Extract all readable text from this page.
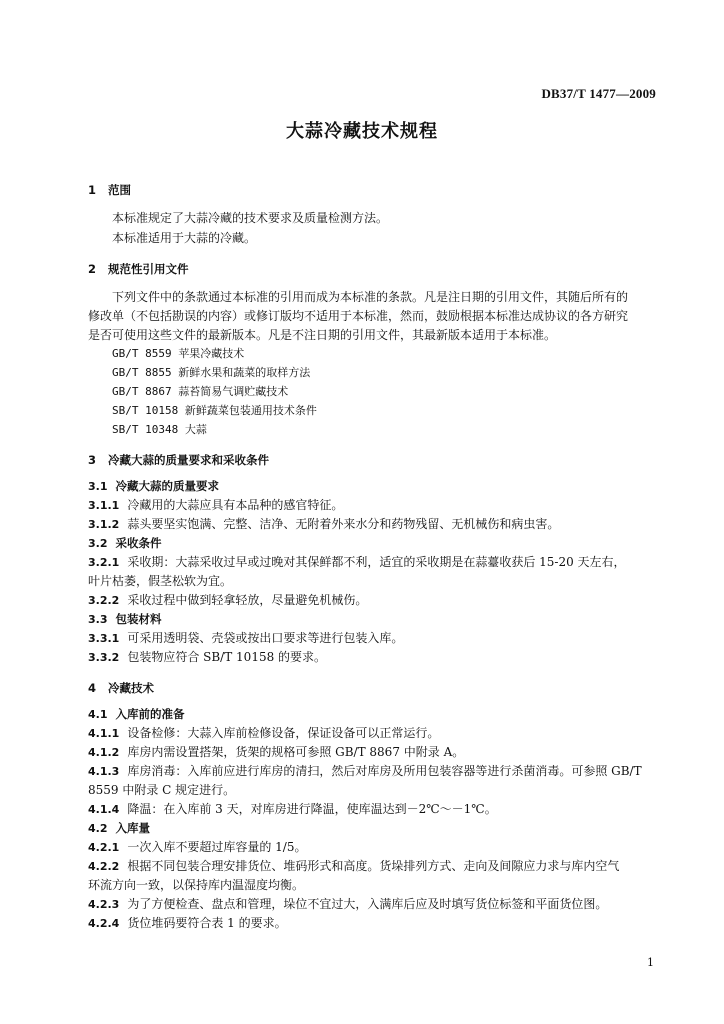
DB37/T 1477—2009
大蒜冷藏技术规程
1 范围
本标准规定了大蒜冷藏的技术要求及质量检测方法。
本标准适用于大蒜的冷藏。
2 规范性引用文件
下列文件中的条款通过本标准的引用而成为本标准的条款。凡是注日期的引用文件，其随后所有的
修改单（不包括勘误的内容）或修订版均不适用于本标准，然而，鼓励根据本标准达成协议的各方研究
是否可使用这些文件的最新版本。凡是不注日期的引用文件，其最新版本适用于本标准。
GB/T 8559 苹果冷藏技术
GB/T 8855 新鲜水果和蔬菜的取样方法
GB/T 8867 蒜苔简易气调贮藏技术
SB/T 10158 新鲜蔬菜包装通用技术条件
SB/T 10348 大蒜
3 冷藏大蒜的质量要求和采收条件
3.1 冷藏大蒜的质量要求
3.1.1 冷藏用的大蒜应具有本品种的感官特征。
3.1.2 蒜头要坚实饱满、完整、洁净、无附着外来水分和药物残留、无机械伤和病虫害。
3.2 采收条件
3.2.1 采收期：大蒜采收过早或过晚对其保鲜都不利，适宜的采收期是在蒜薹收获后 15-20 天左右，
叶片枯萎，假茎松软为宜。
3.2.2 采收过程中做到轻拿轻放，尽量避免机械伤。
3.3 包装材料
3.3.1 可采用透明袋、壳袋或按出口要求等进行包装入库。
3.3.2 包装物应符合 SB/T 10158 的要求。
4 冷藏技术
4.1 入库前的准备
4.1.1 设备检修：大蒜入库前检修设备，保证设备可以正常运行。
4.1.2 库房内需设置搭架，货架的规格可参照 GB/T 8867 中附录 A。
4.1.3 库房消毒：入库前应进行库房的清扫，然后对库房及所用包装容器等进行杀菌消毒。可参照 GB/T
8559 中附录 C 规定进行。
4.1.4 降温：在入库前 3 天，对库房进行降温，使库温达到－2℃～－1℃。
4.2 入库量
4.2.1 一次入库不要超过库容量的 1/5。
4.2.2 根据不同包装合理安排货位、堆码形式和高度。货垛排列方式、走向及间隙应力求与库内空气
环流方向一致，以保持库内温湿度均衡。
4.2.3 为了方便检查、盘点和管理，垛位不宜过大，入满库后应及时填写货位标签和平面货位图。
4.2.4 货位堆码要符合表 1 的要求。
1
